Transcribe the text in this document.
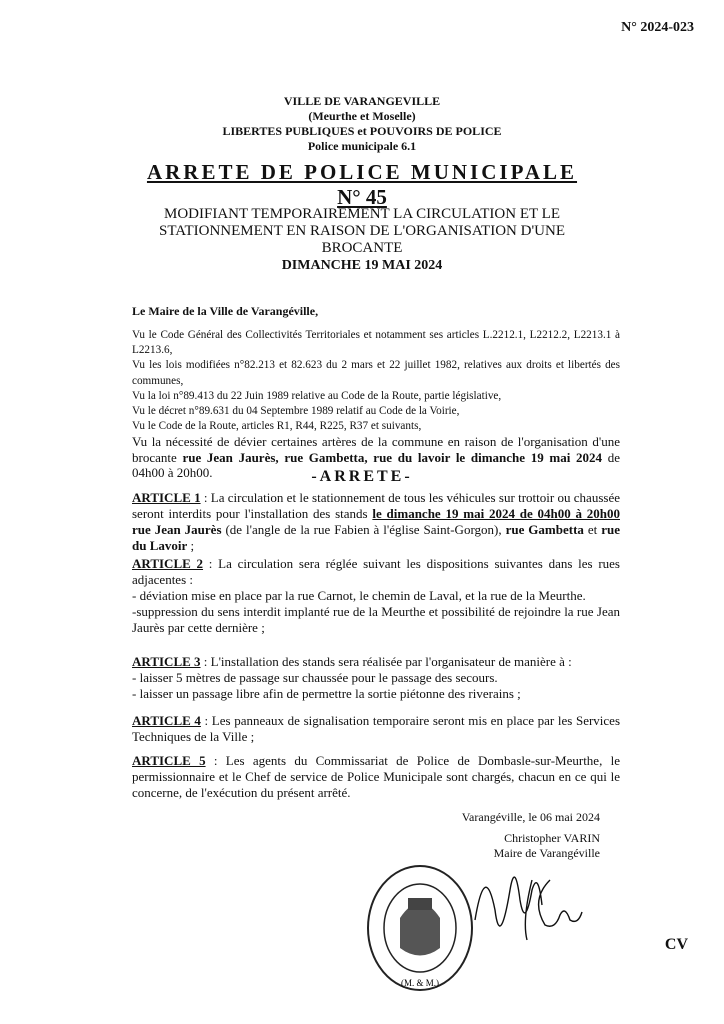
N° 2024-023
VILLE DE VARANGEVILLE
(Meurthe et Moselle)
LIBERTES PUBLIQUES et POUVOIRS DE POLICE
Police municipale 6.1
ARRETE DE POLICE MUNICIPALE
N° 45
MODIFIANT TEMPORAIREMENT LA CIRCULATION ET LE STATIONNEMENT EN RAISON DE L'ORGANISATION D'UNE BROCANTE
DIMANCHE 19 MAI 2024
Le Maire de la Ville de Varangéville,

Vu le Code Général des Collectivités Territoriales et notamment ses articles L.2212.1, L2212.2, L2213.1 à L2213.6,

Vu les lois modifiées n°82.213 et 82.623 du 2 mars et 22 juillet 1982, relatives aux droits et libertés des communes,

Vu la loi n°89.413 du 22 Juin 1989 relative au Code de la Route, partie législative,

Vu le décret n°89.631 du 04 Septembre 1989 relatif au Code de la Voirie,

Vu le Code de la Route, articles R1, R44, R225, R37 et suivants,

Vu la nécessité de dévier certaines artères de la commune en raison de l'organisation d'une brocante rue Jean Jaurès, rue Gambetta, rue du lavoir le dimanche 19 mai 2024 de 04h00 à 20h00.	-ARRETE-
ARTICLE 1 : La circulation et le stationnement de tous les véhicules sur trottoir ou chaussée seront interdits pour l'installation des stands le dimanche 19 mai 2024 de 04h00 à 20h00 rue Jean Jaurès (de l'angle de la rue Fabien à l'église Saint-Gorgon), rue Gambetta et rue du Lavoir ;

ARTICLE 2 : La circulation sera réglée suivant les dispositions suivantes dans les rues adjacentes :

- déviation mise en place par la rue Carnot, le chemin de Laval, et la rue de la Meurthe.

-suppression du sens interdit implanté rue de la Meurthe et possibilité de rejoindre la rue Jean Jaurès par cette dernière ;

ARTICLE 3 : L'installation des stands sera réalisée par l'organisateur de manière à :

- laisser 5 mètres de passage sur chaussée pour le passage des secours.

- laisser un passage libre afin de permettre la sortie piétonne des riverains ;

ARTICLE 4 : Les panneaux de signalisation temporaire seront mis en place par les Services Techniques de la Ville ;
ARTICLE 5 : Les agents du Commissariat de Police de Dombasle-sur-Meurthe, le permissionnaire et le Chef de service de Police Municipale sont chargés, chacun en ce qui le concerne, de l'exécution du présent arrêté.
Varangéville, le 06 mai 2024
Christopher VARIN
Maire de Varangéville
(M. & M.)
CV
